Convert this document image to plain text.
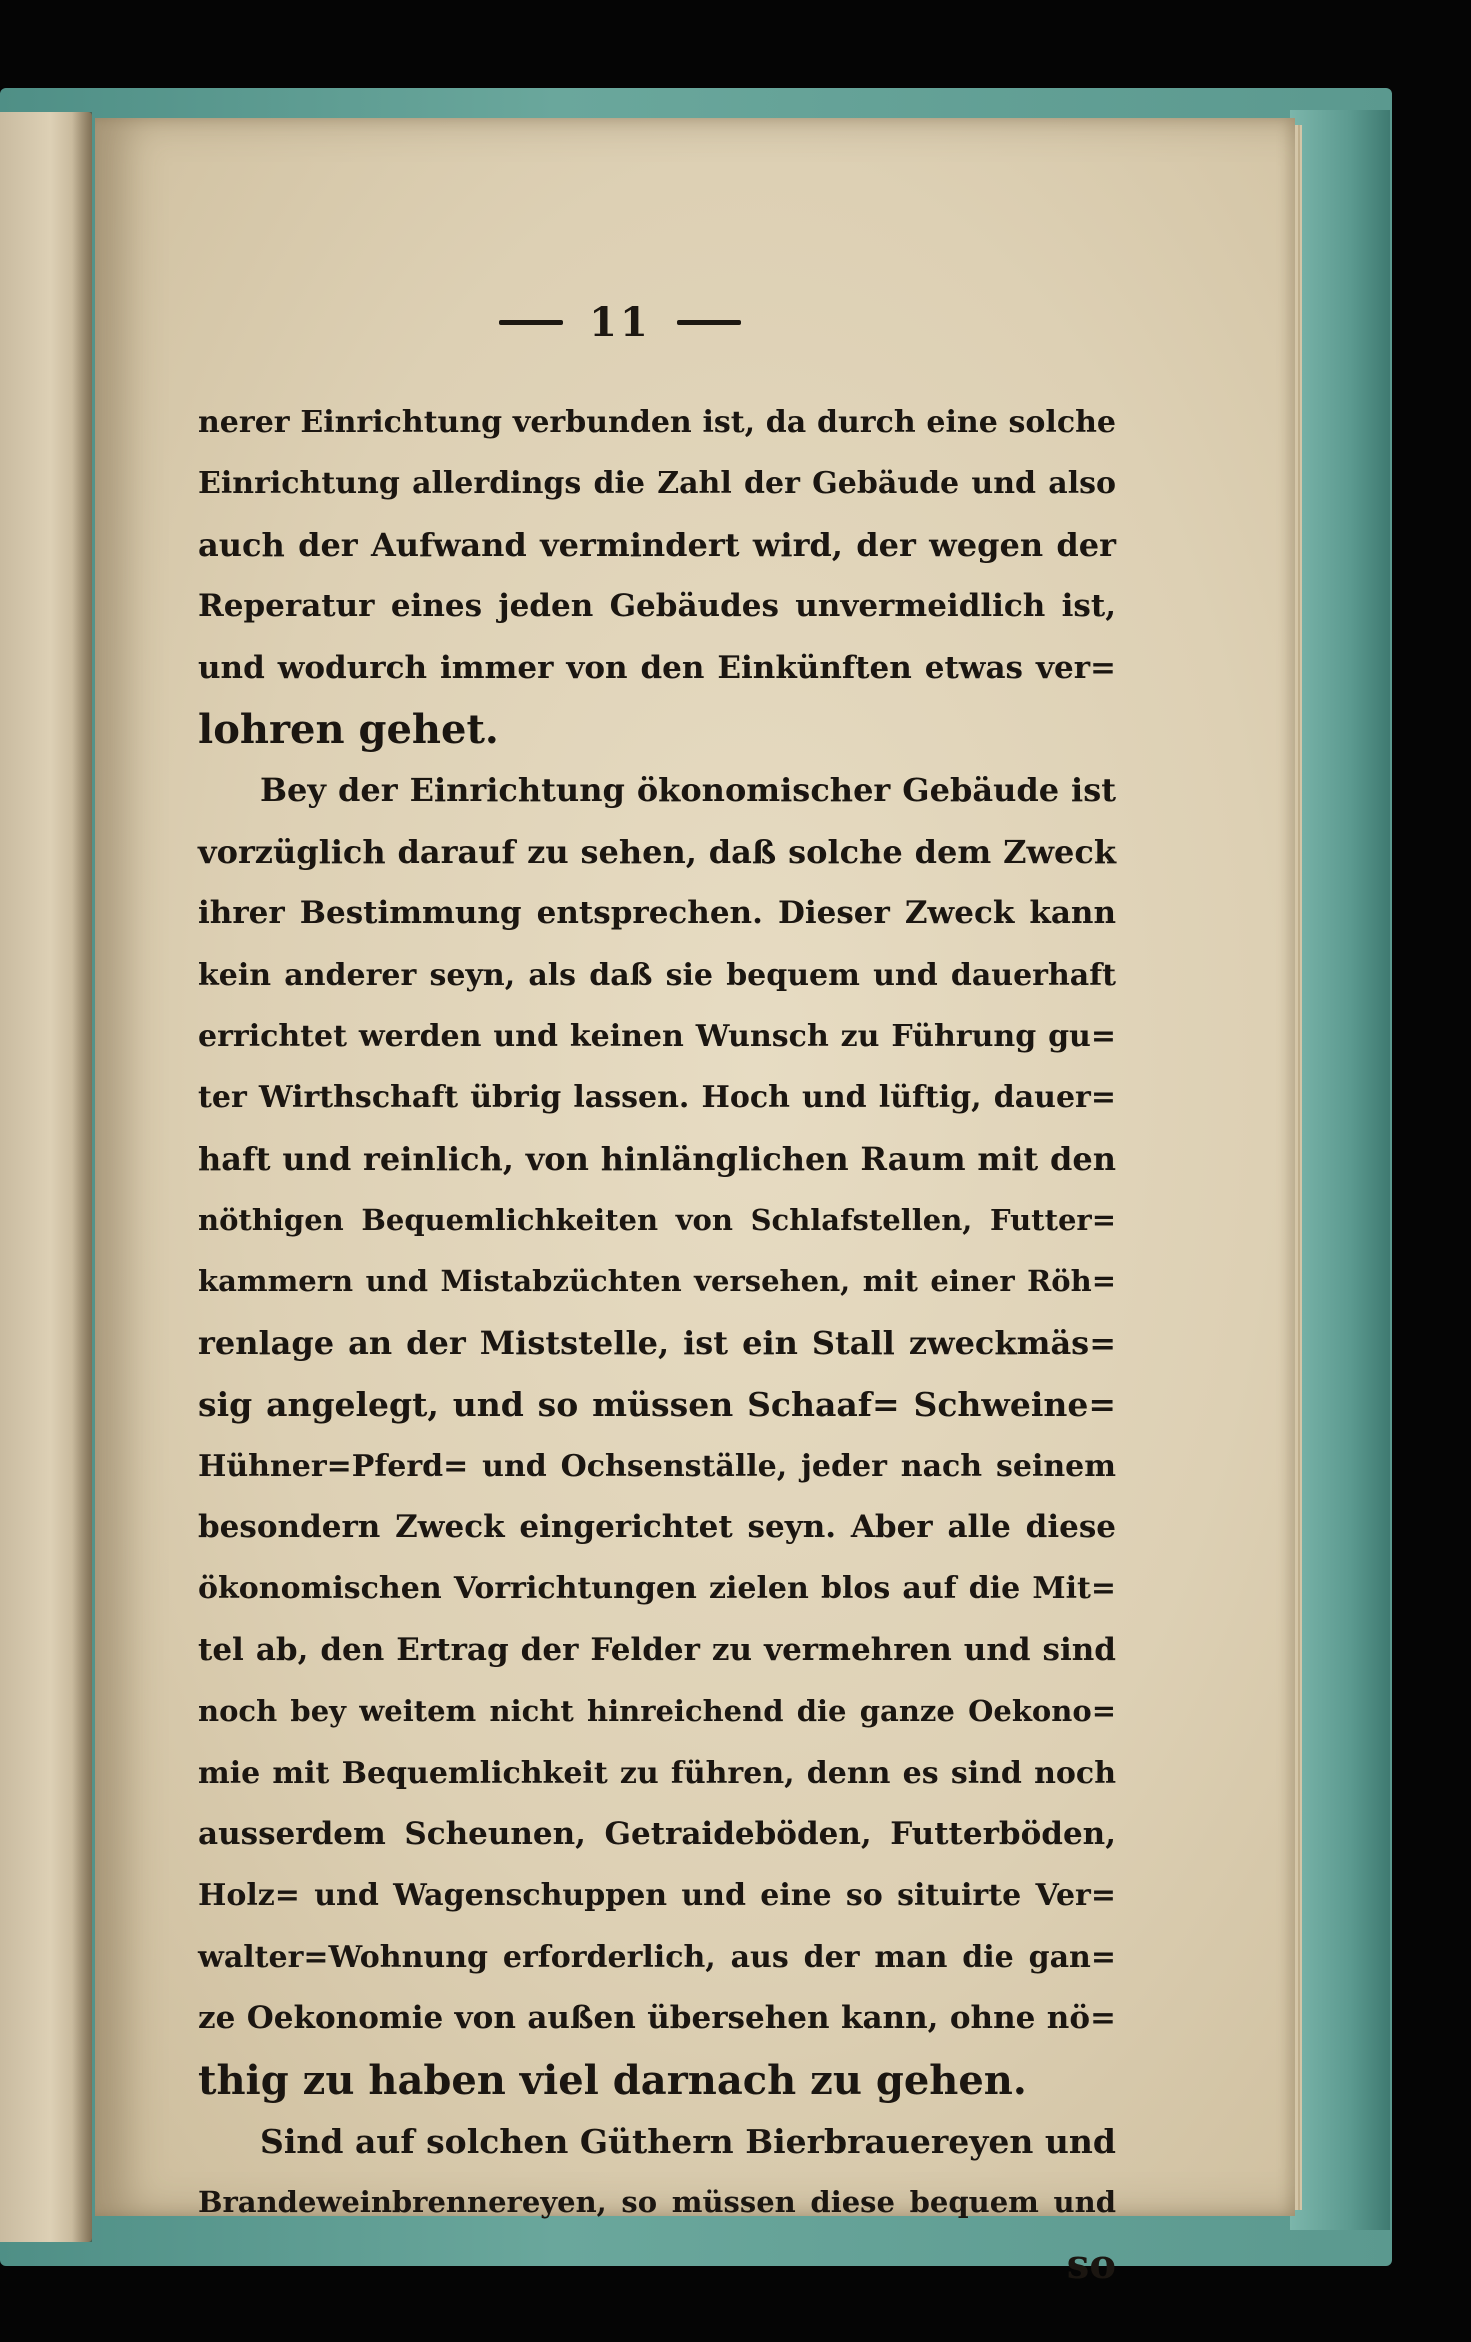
11
nerer Einrichtung verbunden ist, da durch eine solche
Einrichtung allerdings die Zahl der Gebäude und also
auch der Aufwand vermindert wird, der wegen der
Reperatur eines jeden Gebäudes unvermeidlich ist,
und wodurch immer von den Einkünften etwas ver=
lohren gehet.
Bey der Einrichtung ökonomischer Gebäude ist
vorzüglich darauf zu sehen, daß solche dem Zweck
ihrer Bestimmung entsprechen. Dieser Zweck kann
kein anderer seyn, als daß sie bequem und dauerhaft
errichtet werden und keinen Wunsch zu Führung gu=
ter Wirthschaft übrig lassen. Hoch und lüftig, dauer=
haft und reinlich, von hinlänglichen Raum mit den
nöthigen Bequemlichkeiten von Schlafstellen, Futter=
kammern und Mistabzüchten versehen, mit einer Röh=
renlage an der Miststelle, ist ein Stall zweckmäs=
sig angelegt, und so müssen Schaaf= Schweine=
Hühner=Pferd= und Ochsenställe, jeder nach seinem
besondern Zweck eingerichtet seyn. Aber alle diese
ökonomischen Vorrichtungen zielen blos auf die Mit=
tel ab, den Ertrag der Felder zu vermehren und sind
noch bey weitem nicht hinreichend die ganze Oekono=
mie mit Bequemlichkeit zu führen, denn es sind noch
ausserdem Scheunen, Getraideböden, Futterböden,
Holz= und Wagenschuppen und eine so situirte Ver=
walter=Wohnung erforderlich, aus der man die gan=
ze Oekonomie von außen übersehen kann, ohne nö=
thig zu haben viel darnach zu gehen.
Sind auf solchen Güthern Bierbrauereyen und
Brandeweinbrennereyen, so müssen diese bequem und
so
